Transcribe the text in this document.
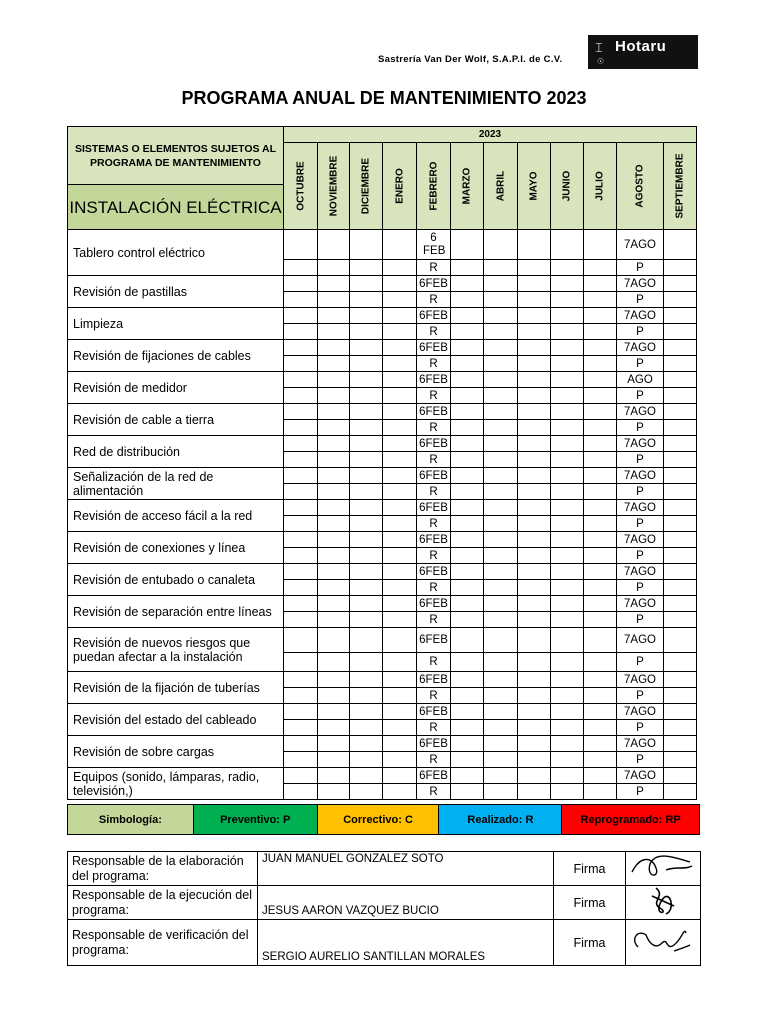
Sastrería Van Der Wolf, S.A.P.I. de C.V.
⌶ Hotaru
☉
PROGRAMA ANUAL DE MANTENIMIENTO 2023
SISTEMAS O ELEMENTOS SUJETOS AL PROGRAMA DE MANTENIMIENTO	2023											

	OCTUBRE	NOVIEMBRE	DICIEMBRE	ENERO	FEBRERO	MARZO	ABRIL	MAYO	JUNIO	JULIO	AGOSTO	SEPTIEMBRE

INSTALACIÓN ELÉCTRICA												
Tablero control eléctrico					6 FEB						7AGO	
					R						P	
Revisión de pastillas					6FEB						7AGO	
					R						P	
Limpieza					6FEB						7AGO	
					R						P	
Revisión de fijaciones de cables					6FEB						7AGO	
					R						P	
Revisión de medidor					6FEB						AGO	
					R						P	
Revisión de cable a tierra					6FEB						7AGO	
					R						P	
Red de distribución					6FEB						7AGO	
					R						P	
Señalización de la red de alimentación					6FEB						7AGO	
					R						P	
Revisión de acceso fácil a la red					6FEB						7AGO	
					R						P	
Revisión de conexiones y línea					6FEB						7AGO	
					R						P	
Revisión de entubado o canaleta					6FEB						7AGO	
					R						P	
Revisión de separación entre líneas					6FEB						7AGO	
					R						P	
Revisión de nuevos riesgos que puedan afectar a la instalación					6FEB						7AGO	
					R						P	
Revisión de la fijación de tuberías					6FEB						7AGO	
					R						P	
Revisión del estado del cableado					6FEB						7AGO	
					R						P	
Revisión de sobre cargas					6FEB						7AGO	
					R						P	
Equipos (sonido, lámparas, radio, televisión,)					6FEB						7AGO	
					R						P	
Simbología:	Preventivo: P	Correctivo: C	Realizado: R	Reprogramado: RP
Responsable de la elaboración del programa:	JUAN MANUEL GONZALEZ SOTO	Firma	
Responsable de la ejecución del programa:	JESUS AARON VAZQUEZ BUCIO	Firma	
Responsable de verificación del programa:	SERGIO AURELIO SANTILLAN MORALES	Firma	
